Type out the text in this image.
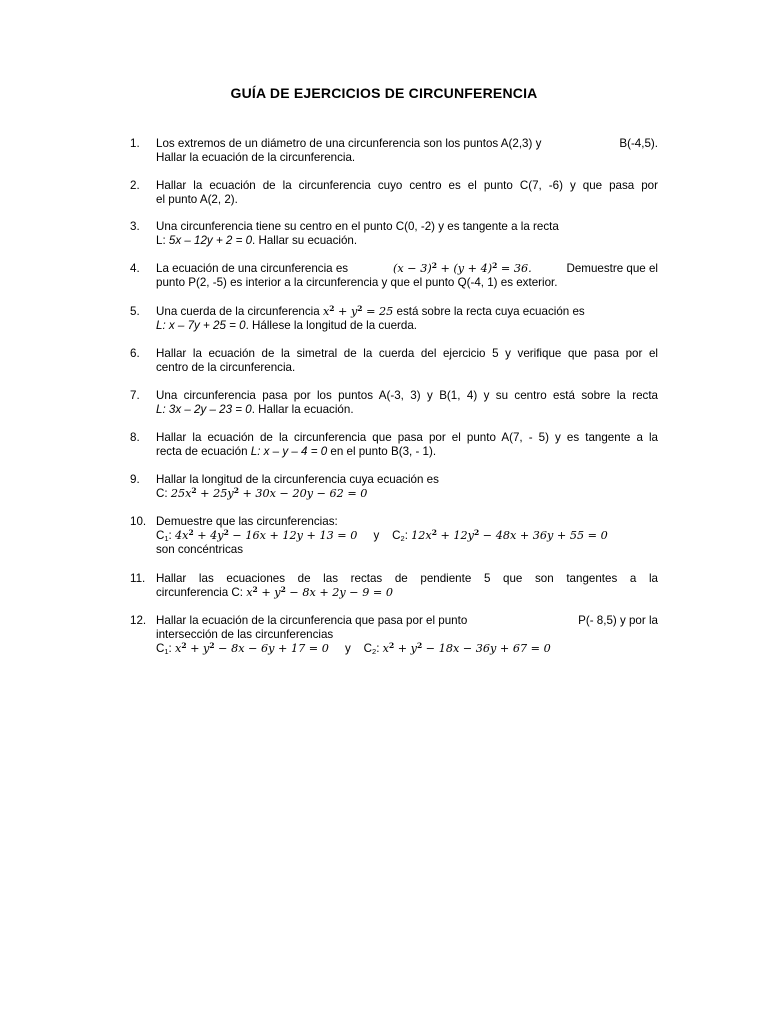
GUÍA DE EJERCICIOS DE CIRCUNFERENCIA
1. Los extremos de un diámetro de una circunferencia son los puntos A(2,3) y	B(-4,5).
Hallar la ecuación de la circunferencia.
2. Hallar la ecuación de la circunferencia cuyo centro es el punto C(7, -6) y que pasa por
el punto A(2, 2).
3. Una circunferencia tiene su centro en el punto C(0, -2) y es tangente a la recta
L: 5x – 12y + 2 = 0. Hallar su ecuación.
4. La ecuación de una circunferencia es	$(x - 3)^2 + (y + 4)^2 = 36$.	Demuestre que el
punto P(2, -5) es interior a la circunferencia y que el punto Q(-4, 1) es exterior.
5. Una cuerda de la circunferencia $x^2 + y^2 = 25$ está sobre la recta cuya ecuación es
L: x – 7y + 25 = 0. Hállese la longitud de la cuerda.
6. Hallar la ecuación de la simetral de la cuerda del ejercicio 5 y verifique que pasa por el
centro de la circunferencia.
7. Una circunferencia pasa por los puntos A(-3, 3) y B(1, 4) y su centro está sobre la recta
L: 3x – 2y – 23 = 0. Hallar la ecuación.
8. Hallar la ecuación de la circunferencia que pasa por el punto A(7, - 5) y es tangente a la
recta de ecuación L: x – y – 4 = 0 en el punto B(3, - 1).
9. Hallar la longitud de la circunferencia cuya ecuación es
C: $25x^2 + 25y^2 + 30x - 20y - 62 = 0$
10. Demuestre que las circunferencias:
$C_1$: $4x^2 + 4y^2 - 16x + 12y + 13 = 0$ y $C_2$: $12x^2 + 12y^2 - 48x + 36y + 55 = 0$
son concéntricas
11. Hallar las ecuaciones de las rectas de pendiente 5 que son tangentes a la
circunferencia C: $x^2 + y^2 - 8x + 2y - 9 = 0$
12. Hallar la ecuación de la circunferencia que pasa por el punto	P(- 8,5) y por la
intersección de las circunferencias
$C_1$: $x^2 + y^2 - 8x - 6y + 17 = 0$ y $C_2$: $x^2 + y^2 - 18x - 36y + 67 = 0$
